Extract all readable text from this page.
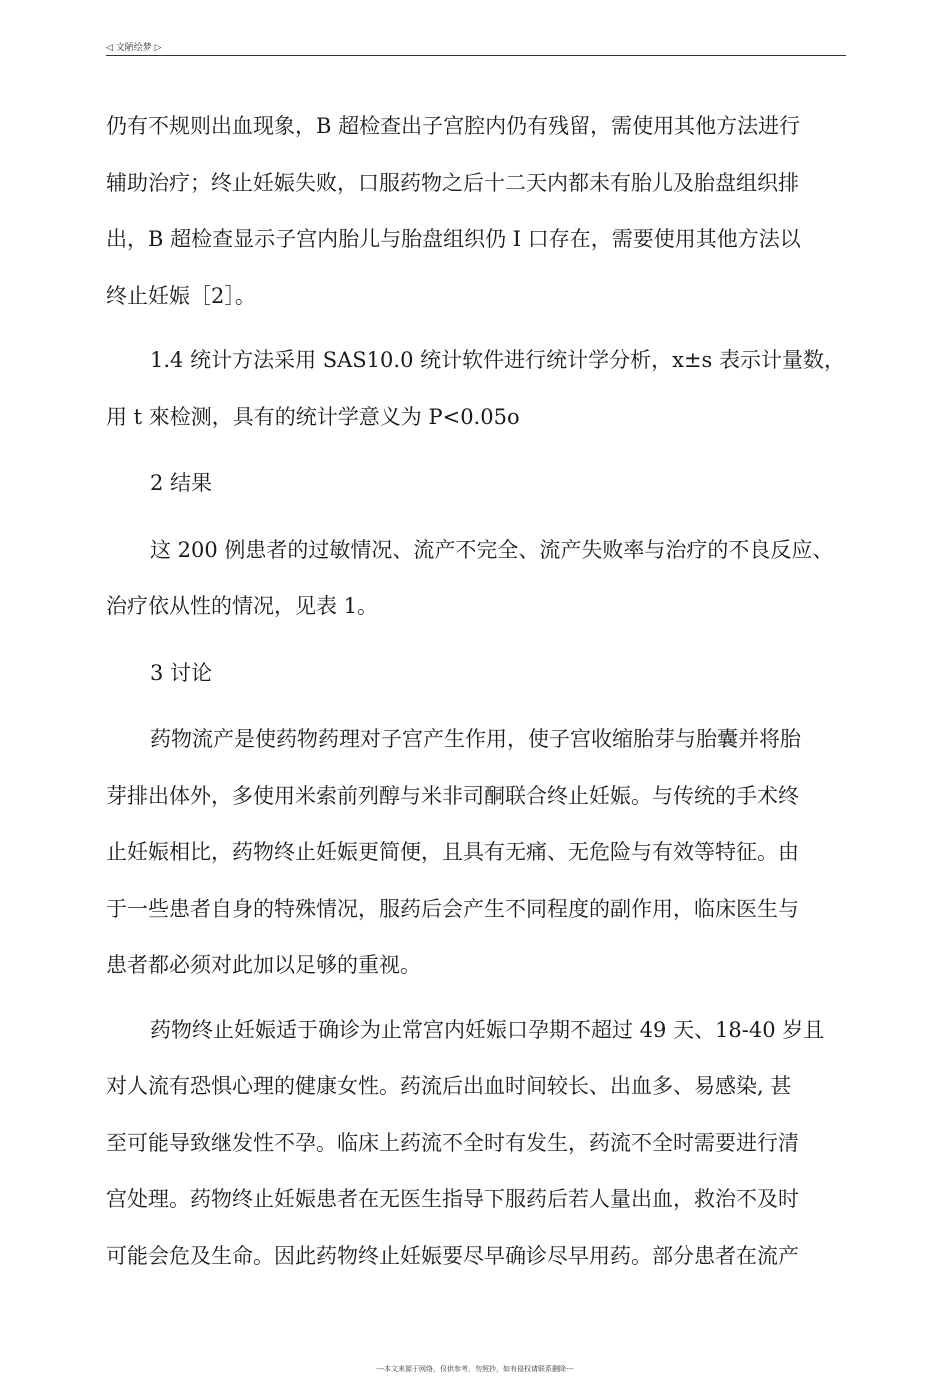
◁ 文陋绘梦 ▷

仍有不规则出血现象，B 超检查出子宫腔内仍有残留，需使用其他方法进行
辅助治疗；终止妊娠失败，口服药物之后十二天内都未有胎儿及胎盘组织排
出，B 超检查显示子宫内胎儿与胎盘组织仍 I 口存在，需要使用其他方法以
终止妊娠［2］。

1.4 统计方法采用 SAS10.0 统计软件进行统计学分析，x±s 表示计量数，
用 t 來检测，具有的统计学意义为 P<0.05o

2 结果

这 200 例患者的过敏情况、流产不完全、流产失败率与治疗的不良反应、
治疗依从性的情况，见表 1。

3 讨论

药物流产是使药物药理对子宫产生作用，使子宫收缩胎芽与胎囊并将胎
芽排出体外，多使用米索前列醇与米非司酮联合终止妊娠。与传统的手术终
止妊娠相比，药物终止妊娠更简便，且具有无痛、无危险与有效等特征。由
于一些患者自身的特殊情况，服药后会产生不同程度的副作用，临床医生与
患者都必须对此加以足够的重视。

药物终止妊娠适于确诊为止常宫内妊娠口孕期不超过 49 天、18-40 岁且
对人流有恐惧心理的健康女性。药流后出血时间较长、出血多、易感染, 甚
至可能导致继发性不孕。临床上药流不全时有发生，药流不全时需要进行清
宫处理。药物终止妊娠患者在无医生指导下服药后若人量出血，救治不及时
可能会危及生命。因此药物终止妊娠要尽早确诊尽早用药。部分患者在流产

---本文来源于网络，仅供参考，勿照抄，如有侵权请联系删除---
